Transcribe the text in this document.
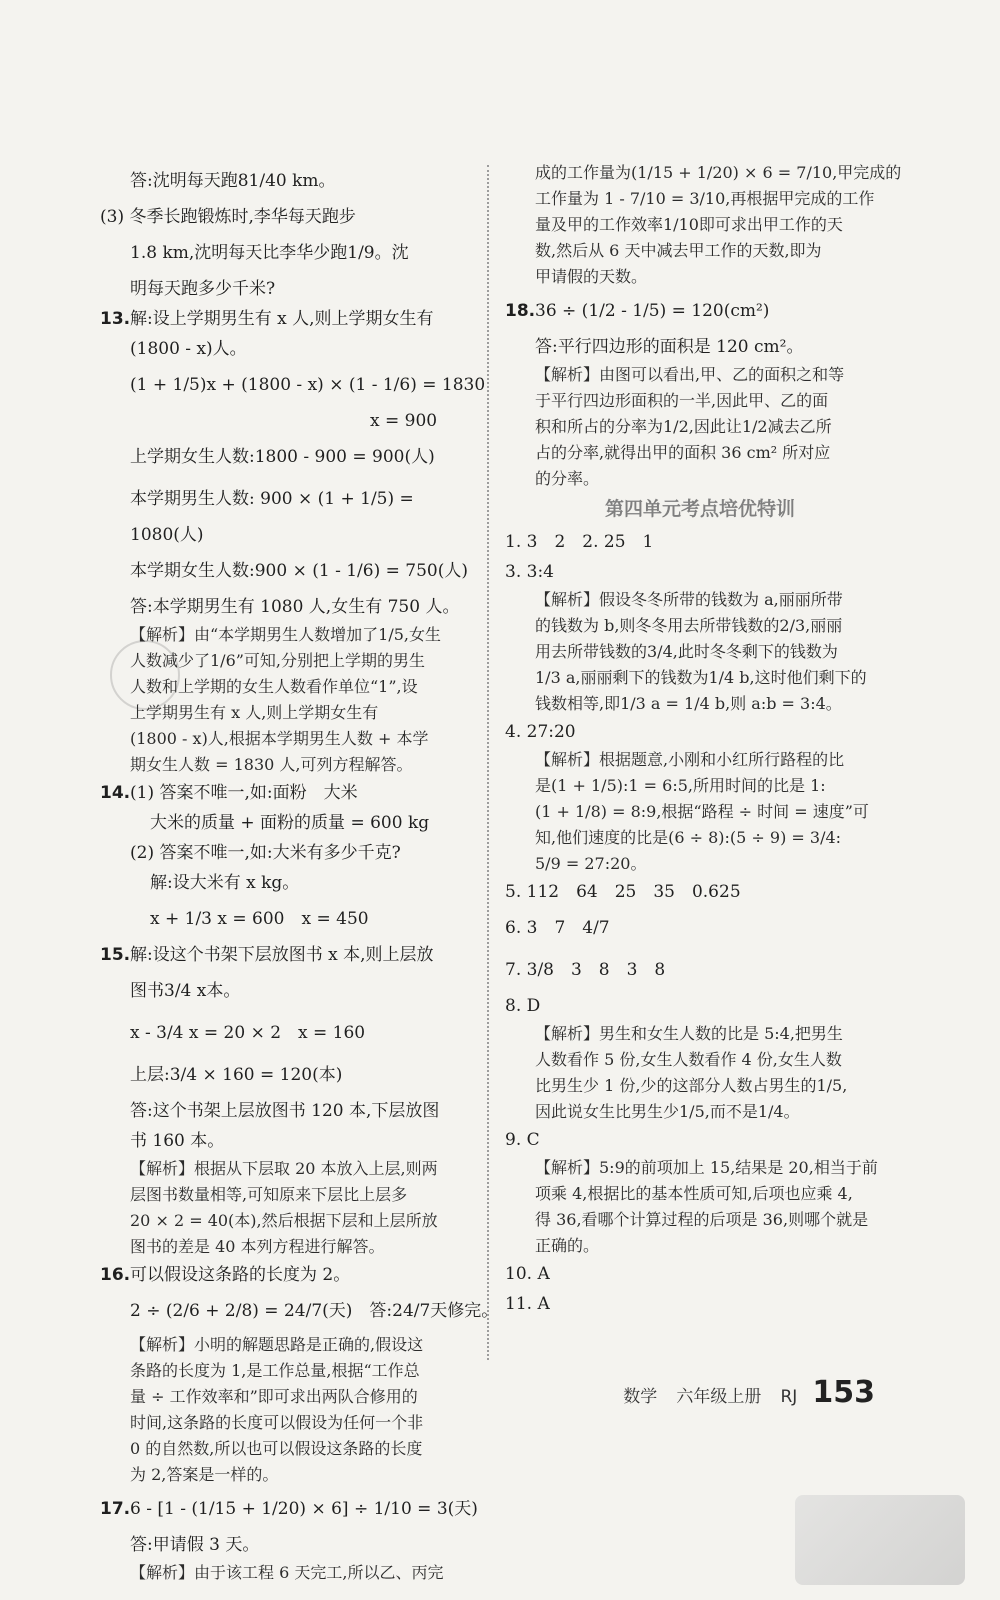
答:沈明每天跑81/40 km。
(3) 冬季长跑锻炼时,李华每天跑步
1.8 km,沈明每天比李华少跑1/9。沈
明每天跑多少千米?
13.解:设上学期男生有 x 人,则上学期女生有
(1800 - x)人。
(1 + 1/5)x + (1800 - x) × (1 - 1/6) = 1830
x = 900
上学期女生人数:1800 - 900 = 900(人)
本学期男生人数: 900 × (1 + 1/5) =
1080(人)
本学期女生人数:900 × (1 - 1/6) = 750(人)
答:本学期男生有 1080 人,女生有 750 人。
【解析】由“本学期男生人数增加了1/5,女生
人数减少了1/6”可知,分别把上学期的男生
人数和上学期的女生人数看作单位“1”,设
上学期男生有 x 人,则上学期女生有
(1800 - x)人,根据本学期男生人数 + 本学
期女生人数 = 1830 人,可列方程解答。
14.(1) 答案不唯一,如:面粉　大米
大米的质量 + 面粉的质量 = 600 kg
(2) 答案不唯一,如:大米有多少千克?
解:设大米有 x kg。
x + 1/3 x = 600　x = 450
15.解:设这个书架下层放图书 x 本,则上层放
图书3/4 x本。
x - 3/4 x = 20 × 2　x = 160
上层:3/4 × 160 = 120(本)
答:这个书架上层放图书 120 本,下层放图
书 160 本。
【解析】根据从下层取 20 本放入上层,则两
层图书数量相等,可知原来下层比上层多
20 × 2 = 40(本),然后根据下层和上层所放
图书的差是 40 本列方程进行解答。
16.可以假设这条路的长度为 2。
2 ÷ (2/6 + 2/8) = 24/7(天)　答:24/7天修完。
【解析】小明的解题思路是正确的,假设这
条路的长度为 1,是工作总量,根据“工作总
量 ÷ 工作效率和”即可求出两队合修用的
时间,这条路的长度可以假设为任何一个非
0 的自然数,所以也可以假设这条路的长度
为 2,答案是一样的。
17.6 - [1 - (1/15 + 1/20) × 6] ÷ 1/10 = 3(天)
答:甲请假 3 天。
【解析】由于该工程 6 天完工,所以乙、丙完
成的工作量为(1/15 + 1/20) × 6 = 7/10,甲完成的
工作量为 1 - 7/10 = 3/10,再根据甲完成的工作
量及甲的工作效率1/10即可求出甲工作的天
数,然后从 6 天中减去甲工作的天数,即为
甲请假的天数。
18.36 ÷ (1/2 - 1/5) = 120(cm²)
答:平行四边形的面积是 120 cm²。
【解析】由图可以看出,甲、乙的面积之和等
于平行四边形面积的一半,因此甲、乙的面
积和所占的分率为1/2,因此让1/2减去乙所
占的分率,就得出甲的面积 36 cm² 所对应
的分率。
第四单元考点培优特训
1. 3　2　2. 25　1
3. 3:4
【解析】假设冬冬所带的钱数为 a,丽丽所带
的钱数为 b,则冬冬用去所带钱数的2/3,丽丽
用去所带钱数的3/4,此时冬冬剩下的钱数为
1/3 a,丽丽剩下的钱数为1/4 b,这时他们剩下的
钱数相等,即1/3 a = 1/4 b,则 a:b = 3:4。
4. 27:20
【解析】根据题意,小刚和小红所行路程的比
是(1 + 1/5):1 = 6:5,所用时间的比是 1:
(1 + 1/8) = 8:9,根据“路程 ÷ 时间 = 速度”可
知,他们速度的比是(6 ÷ 8):(5 ÷ 9) = 3/4:
5/9 = 27:20。
5. 112　64　25　35　0.625
6. 3　7　4/7
7. 3/8　3　8　3　8
8. D
【解析】男生和女生人数的比是 5:4,把男生
人数看作 5 份,女生人数看作 4 份,女生人数
比男生少 1 份,少的这部分人数占男生的1/5,
因此说女生比男生少1/5,而不是1/4。
9. C
【解析】5:9的前项加上 15,结果是 20,相当于前
项乘 4,根据比的基本性质可知,后项也应乘 4,
得 36,看哪个计算过程的后项是 36,则哪个就是
正确的。
10. A
11. A
数学 六年级上册 RJ 153
